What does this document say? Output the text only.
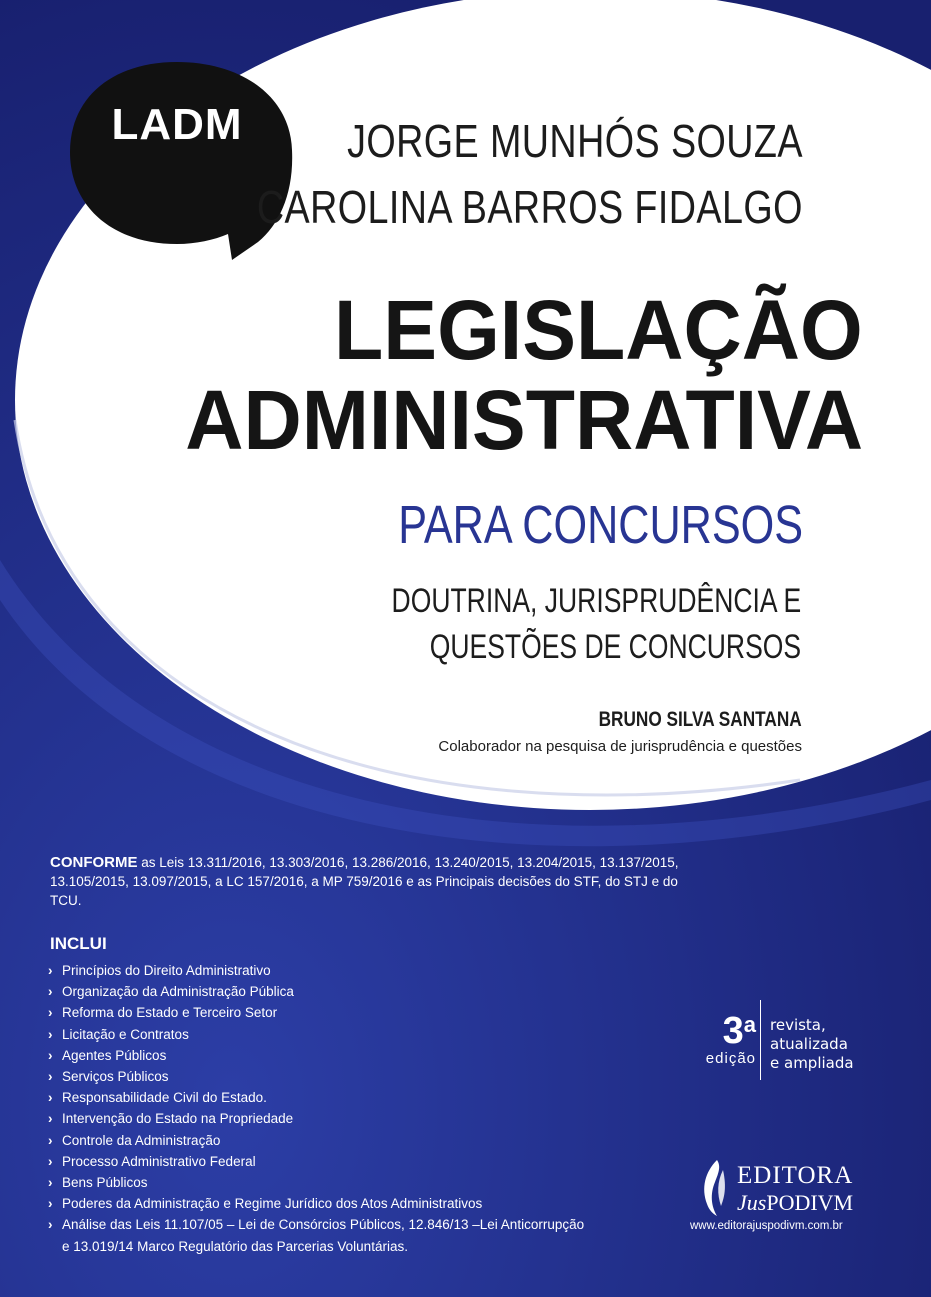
LADM	JORGE MUNHÓS SOUZA
CAROLINA BARROS FIDALGO
LEGISLAÇÃO
ADMINISTRATIVA
PARA CONCURSOS
DOUTRINA, JURISPRUDÊNCIA E
QUESTÕES DE CONCURSOS
BRUNO SILVA SANTANA
Colaborador na pesquisa de jurisprudência e questões
CONFORME as Leis 13.311/2016, 13.303/2016, 13.286/2016, 13.240/2015, 13.204/2015, 13.137/2015, 13.105/2015, 13.097/2015, a LC 157/2016, a MP 759/2016 e as Principais decisões do STF, do STJ e do TCU.
INCLUI
› Princípios do Direito Administrativo
› Organização da Administração Pública
› Reforma do Estado e Terceiro Setor
› Licitação e Contratos
› Agentes Públicos
› Serviços Públicos
› Responsabilidade Civil do Estado.
› Intervenção do Estado na Propriedade
› Controle da Administração
› Processo Administrativo Federal
› Bens Públicos
› Poderes da Administração e Regime Jurídico dos Atos Administrativos
› Análise das Leis 11.107/05 – Lei de Consórcios Públicos, 12.846/13 –Lei Anticorrupção
e 13.019/14 Marco Regulatório das Parcerias Voluntárias.
3a
edição
revista,
atualizada
e ampliada
EDITORA
JusPODIVM
www.editorajuspodivm.com.br
